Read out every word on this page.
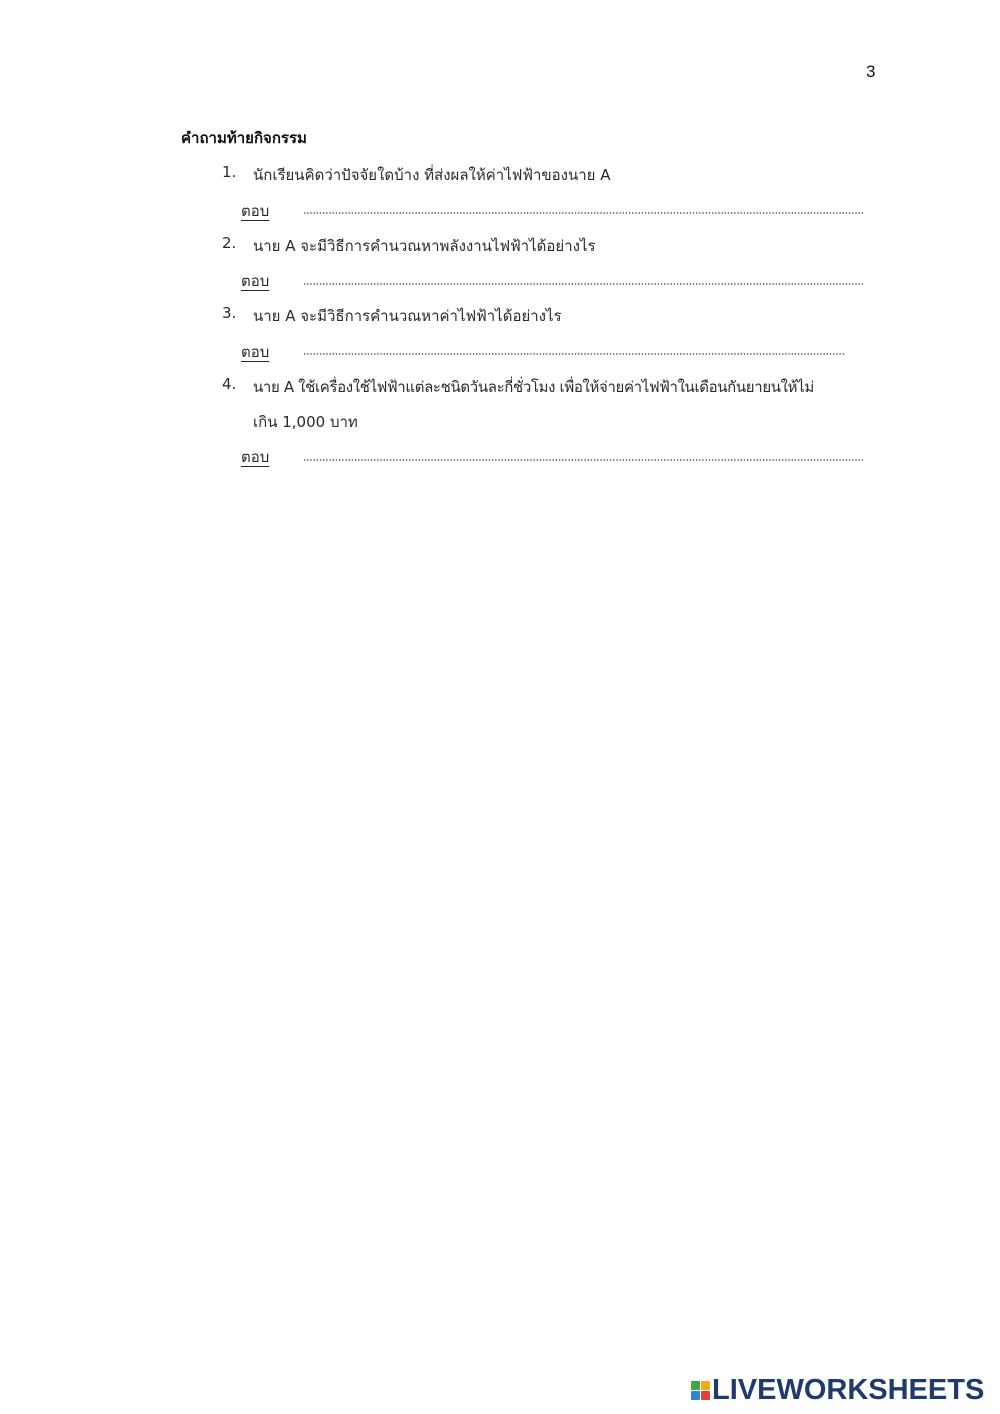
3
คำถามท้ายกิจกรรม
1. นักเรียนคิดว่าปัจจัยใดบ้าง ที่ส่งผลให้ค่าไฟฟ้าของนาย A
ตอบ
2. นาย A จะมีวิธีการคำนวณหาพลังงานไฟฟ้าได้อย่างไร
ตอบ
3. นาย A จะมีวิธีการคำนวณหาค่าไฟฟ้าได้อย่างไร
ตอบ
4. นาย A ใช้เครื่องใช้ไฟฟ้าแต่ละชนิดวันละกี่ชั่วโมง เพื่อให้จ่ายค่าไฟฟ้าในเดือนกันยายนให้ไม่
เกิน 1,000 บาท
ตอบ
LIVEWORKSHEETS
